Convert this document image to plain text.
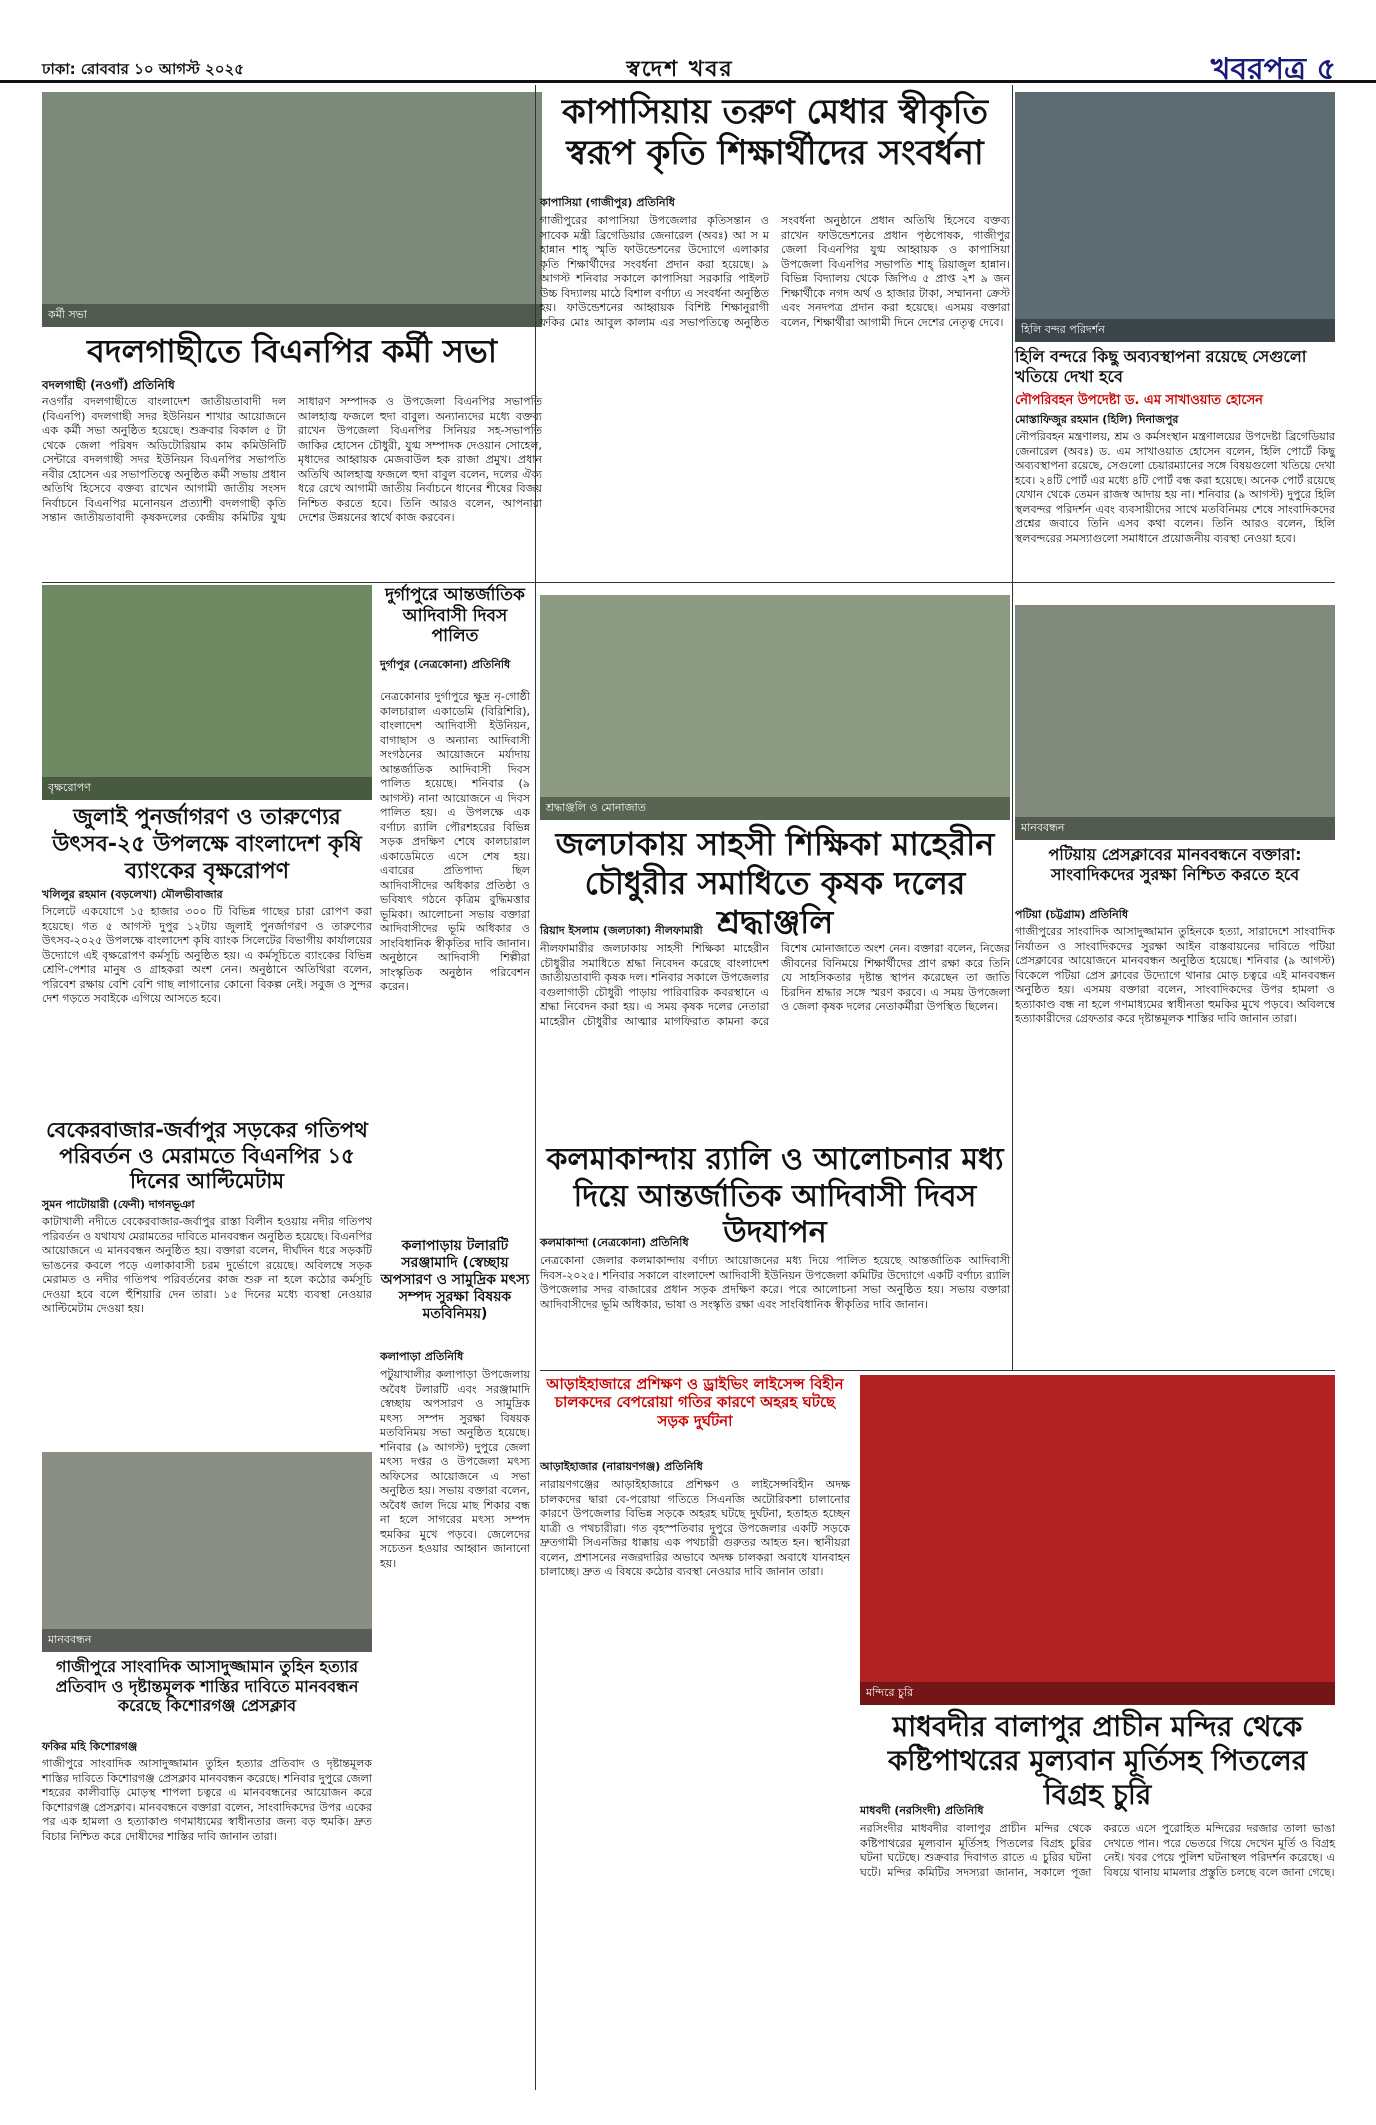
ঢাকা: রোববার ১০ আগস্ট ২০২৫	স্বদেশ খবর	খবরপত্র ৫
কর্মী সভা
বদলগাছীতে বিএনপির কর্মী সভা
বদলগাছী (নওগাঁ) প্রতিনিধি
নওগাঁর বদলগাছীতে বাংলাদেশ জাতীয়তাবাদী দল (বিএনপি) বদলগাছী সদর ইউনিয়ন শাখার আয়োজনে এক কর্মী সভা অনুষ্ঠিত হয়েছে। শুক্রবার বিকাল ৫ টা থেকে জেলা পরিষদ অডিটোরিয়াম কাম কমিউনিটি সেন্টারে বদলগাছী সদর ইউনিয়ন বিএনপির সভাপতি নবীর হোসেন এর সভাপতিত্বে অনুষ্ঠিত কর্মী সভায় প্রধান অতিথি হিসেবে বক্তব্য রাখেন আগামী জাতীয় সংসদ নির্বাচনে বিএনপির মনোনয়ন প্রত্যাশী বদলগাছী কৃতি সন্তান জাতীয়তাবাদী কৃষকদলের কেন্দ্রীয় কমিটির যুগ্ম সাধারণ সম্পাদক ও উপজেলা বিএনপির সভাপতি আলহাজ্ব ফজলে হুদা বাবুল। অন্যান্যদের মধ্যে বক্তব্য রাখেন উপজেলা বিএনপির সিনিয়র সহ-সভাপতি জাকির হোসেন চৌধুরী, যুগ্ম সম্পাদক দেওয়ান সোহেল, মৃধাদের আহ্বায়ক মেজবাউল হক রাজা প্রমুখ। প্রধান অতিথি আলহাজ্ব ফজলে হুদা বাবুল বলেন, দলের ঐক্য ধরে রেখে আগামী জাতীয় নির্বাচনে ধানের শীষের বিজয় নিশ্চিত করতে হবে। তিনি আরও বলেন, আপনারা দেশের উন্নয়নের স্বার্থে কাজ করবেন।
বৃক্ষরোপণ
জুলাই পুনর্জাগরণ ও তারুণ্যের উৎসব-২৫ উপলক্ষে বাংলাদেশ কৃষি ব্যাংকের বৃক্ষরোপণ
খলিলুর রহমান (বড়লেখা) মৌলভীবাজার
সিলেটে একযোগে ১৫ হাজার ৩০০ টি বিভিন্ন গাছের চারা রোপণ করা হয়েছে। গত ৫ আগস্ট দুপুর ১২টায় জুলাই পুনর্জাগরণ ও তারুণ্যের উৎসব-২০২৫ উপলক্ষে বাংলাদেশ কৃষি ব্যাংক সিলেটের বিভাগীয় কার্যালয়ের উদ্যোগে এই বৃক্ষরোপণ কর্মসূচি অনুষ্ঠিত হয়। এ কর্মসূচিতে ব্যাংকের বিভিন্ন শ্রেণি-পেশার মানুষ ও গ্রাহকরা অংশ নেন। অনুষ্ঠানে অতিথিরা বলেন, পরিবেশ রক্ষায় বেশি বেশি গাছ লাগানোর কোনো বিকল্প নেই। সবুজ ও সুন্দর দেশ গড়তে সবাইকে এগিয়ে আসতে হবে।
বেকেরবাজার-জর্বাপুর সড়কের গতিপথ পরিবর্তন ও মেরামতে বিএনপির ১৫ দিনের আল্টিমেটাম
সুমন পাটোয়ারী (ফেনী) দাগনভূঞা
কাটাখালী নদীতে বেকেরবাজার-জর্বাপুর রাস্তা বিলীন হওয়ায় নদীর গতিপথ পরিবর্তন ও যথাযথ মেরামতের দাবিতে মানববন্ধন অনুষ্ঠিত হয়েছে। বিএনপির আয়োজনে এ মানববন্ধন অনুষ্ঠিত হয়। বক্তারা বলেন, দীর্ঘদিন ধরে সড়কটি ভাঙনের কবলে পড়ে এলাকাবাসী চরম দুর্ভোগে রয়েছে। অবিলম্বে সড়ক মেরামত ও নদীর গতিপথ পরিবর্তনের কাজ শুরু না হলে কঠোর কর্মসূচি দেওয়া হবে বলে হুঁশিয়ারি দেন তারা। ১৫ দিনের মধ্যে ব্যবস্থা নেওয়ার আল্টিমেটাম দেওয়া হয়।
মানববন্ধন
গাজীপুরে সাংবাদিক আসাদুজ্জামান তুহিন হত্যার প্রতিবাদ ও দৃষ্টান্তমূলক শাস্তির দাবিতে মানববন্ধন করেছে কিশোরগঞ্জ প্রেসক্লাব
ফকির মহি কিশোরগঞ্জ
গাজীপুরে সাংবাদিক আসাদুজ্জামান তুহিন হত্যার প্রতিবাদ ও দৃষ্টান্তমূলক শাস্তির দাবিতে কিশোরগঞ্জ প্রেসক্লাব মানববন্ধন করেছে। শনিবার দুপুরে জেলা শহরের কালীবাড়ি মোড়স্থ শাপলা চত্বরে এ মানববন্ধনের আয়োজন করে কিশোরগঞ্জ প্রেসক্লাব। মানববন্ধনে বক্তারা বলেন, সাংবাদিকদের উপর একের পর এক হামলা ও হত্যাকাণ্ড গণমাধ্যমের স্বাধীনতার জন্য বড় হুমকি। দ্রুত বিচার নিশ্চিত করে দোষীদের শাস্তির দাবি জানান তারা।
দুর্গাপুরে আন্তর্জাতিক আদিবাসী দিবস পালিত
দুর্গাপুর (নেত্রকোনা) প্রতিনিধি
নেত্রকোনার দুর্গাপুরে ক্ষুদ্র নৃ-গোষ্ঠী কালচারাল একাডেমি (বিরিশিরি), বাংলাদেশ আদিবাসী ইউনিয়ন, বাগাছাস ও অন্যান্য আদিবাসী সংগঠনের আয়োজনে মর্যাদায় আন্তর্জাতিক আদিবাসী দিবস পালিত হয়েছে। শনিবার (৯ আগস্ট) নানা আয়োজনে এ দিবস পালিত হয়। এ উপলক্ষে এক বর্ণাঢ্য র‍্যালি পৌরশহরের বিভিন্ন সড়ক প্রদক্ষিণ শেষে কালচারাল একাডেমিতে এসে শেষ হয়। এবারের প্রতিপাদ্য ছিল আদিবাসীদের অধিকার প্রতিষ্ঠা ও ভবিষ্যৎ গঠনে কৃত্রিম বুদ্ধিমত্তার ভূমিকা। আলোচনা সভায় বক্তারা আদিবাসীদের ভূমি অধিকার ও সাংবিধানিক স্বীকৃতির দাবি জানান। অনুষ্ঠানে আদিবাসী শিল্পীরা সাংস্কৃতিক অনুষ্ঠান পরিবেশন করেন।
কলাপাড়ায় টলারটি সরঞ্জামাদি (স্বেচ্ছায় অপসারণ ও সামুদ্রিক মৎস্য সম্পদ সুরক্ষা বিষয়ক মতবিনিময়)
কলাপাড়া প্রতিনিধি
পটুয়াখালীর কলাপাড়া উপজেলায় অবৈধ টলারটি এবং সরঞ্জামাদি স্বেচ্ছায় অপসারণ ও সামুদ্রিক মৎস্য সম্পদ সুরক্ষা বিষয়ক মতবিনিময় সভা অনুষ্ঠিত হয়েছে। শনিবার (৯ আগস্ট) দুপুরে জেলা মৎস্য দপ্তর ও উপজেলা মৎস্য অফিসের আয়োজনে এ সভা অনুষ্ঠিত হয়। সভায় বক্তারা বলেন, অবৈধ জাল দিয়ে মাছ শিকার বন্ধ না হলে সাগরের মৎস্য সম্পদ হুমকির মুখে পড়বে। জেলেদের সচেতন হওয়ার আহ্বান জানানো হয়।
কাপাসিয়ায় তরুণ মেধার স্বীকৃতি স্বরূপ কৃতি শিক্ষার্থীদের সংবর্ধনা
কাপাসিয়া (গাজীপুর) প্রতিনিধি
গাজীপুরের কাপাসিয়া উপজেলার কৃতিসন্তান ও সাবেক মন্ত্রী ব্রিগেডিয়ার জেনারেল (অবঃ) আ স ম হান্নান শাহ্ স্মৃতি ফাউন্ডেশনের উদ্যোগে এলাকার কৃতি শিক্ষার্থীদের সংবর্ধনা প্রদান করা হয়েছে। ৯ আগস্ট শনিবার সকালে কাপাসিয়া সরকারি পাইলট উচ্চ বিদ্যালয় মাঠে বিশাল বর্ণাঢ্য এ সংবর্ধনা অনুষ্ঠিত হয়। ফাউন্ডেশনের আহ্বায়ক বিশিষ্ট শিক্ষানুরাগী ফকির মোঃ আবুল কালাম এর সভাপতিত্বে অনুষ্ঠিত সংবর্ধনা অনুষ্ঠানে প্রধান অতিথি হিসেবে বক্তব্য রাখেন ফাউন্ডেশনের প্রধান পৃষ্ঠপোষক, গাজীপুর জেলা বিএনপির যুগ্ম আহ্বায়ক ও কাপাসিয়া উপজেলা বিএনপির সভাপতি শাহ্ রিয়াজুল হান্নান। বিভিন্ন বিদ্যালয় থেকে জিপিএ ৫ প্রাপ্ত ২শ ৯ জন শিক্ষার্থীকে নগদ অর্থ ও হাজার টাকা, সম্মাননা ক্রেস্ট এবং সনদপত্র প্রদান করা হয়েছে। এসময় বক্তারা বলেন, শিক্ষার্থীরা আগামী দিনে দেশের নেতৃত্ব দেবে।
শ্রদ্ধাঞ্জলি ও মোনাজাত
জলঢাকায় সাহসী শিক্ষিকা মাহেরীন চৌধুরীর সমাধিতে কৃষক দলের শ্রদ্ধাঞ্জলি
রিয়াদ ইসলাম (জলঢাকা) নীলফামারী
নীলফামারীর জলঢাকায় সাহসী শিক্ষিকা মাহেরীন চৌধুরীর সমাধিতে শ্রদ্ধা নিবেদন করেছে বাংলাদেশ জাতীয়তাবাদী কৃষক দল। শনিবার সকালে উপজেলার বগুলাগাড়ী চৌধুরী পাড়ায় পারিবারিক কবরস্থানে এ শ্রদ্ধা নিবেদন করা হয়। এ সময় কৃষক দলের নেতারা মাহেরীন চৌধুরীর আত্মার মাগফিরাত কামনা করে বিশেষ মোনাজাতে অংশ নেন। বক্তারা বলেন, নিজের জীবনের বিনিময়ে শিক্ষার্থীদের প্রাণ রক্ষা করে তিনি যে সাহসিকতার দৃষ্টান্ত স্থাপন করেছেন তা জাতি চিরদিন শ্রদ্ধার সঙ্গে স্মরণ করবে। এ সময় উপজেলা ও জেলা কৃষক দলের নেতাকর্মীরা উপস্থিত ছিলেন।
কলমাকান্দায় র‍্যালি ও আলোচনার মধ্য দিয়ে আন্তর্জাতিক আদিবাসী দিবস উদযাপন
কলমাকান্দা (নেত্রকোনা) প্রতিনিধি
নেত্রকোনা জেলার কলমাকান্দায় বর্ণাঢ্য আয়োজনের মধ্য দিয়ে পালিত হয়েছে আন্তর্জাতিক আদিবাসী দিবস-২০২৫। শনিবার সকালে বাংলাদেশ আদিবাসী ইউনিয়ন উপজেলা কমিটির উদ্যোগে একটি বর্ণাঢ্য র‍্যালি উপজেলার সদর বাজারের প্রধান সড়ক প্রদক্ষিণ করে। পরে আলোচনা সভা অনুষ্ঠিত হয়। সভায় বক্তারা আদিবাসীদের ভূমি অধিকার, ভাষা ও সংস্কৃতি রক্ষা এবং সাংবিধানিক স্বীকৃতির দাবি জানান।
আড়াইহাজারে প্রশিক্ষণ ও ড্রাইভিং লাইসেন্স বিহীন চালকদের বেপরোয়া গতির কারণে অহরহ ঘটছে সড়ক দুর্ঘটনা
আড়াইহাজার (নারায়ণগঞ্জ) প্রতিনিধি
নারায়ণগঞ্জের আড়াইহাজারে প্রশিক্ষণ ও লাইসেন্সবিহীন অদক্ষ চালকদের দ্বারা বে-পরোয়া গতিতে সিএনজি অটোরিকশা চালানোর কারণে উপজেলার বিভিন্ন সড়কে অহরহ ঘটছে দুর্ঘটনা, হতাহত হচ্ছেন যাত্রী ও পথচারীরা। গত বৃহস্পতিবার দুপুরে উপজেলার একটি সড়কে দ্রুতগামী সিএনজির ধাক্কায় এক পথচারী গুরুতর আহত হন। স্থানীয়রা বলেন, প্রশাসনের নজরদারির অভাবে অদক্ষ চালকরা অবাধে যানবাহন চালাচ্ছে। দ্রুত এ বিষয়ে কঠোর ব্যবস্থা নেওয়ার দাবি জানান তারা।
হিলি বন্দর পরিদর্শন
হিলি বন্দরে কিছু অব্যবস্থাপনা রয়েছে সেগুলো খতিয়ে দেখা হবে
নৌপরিবহন উপদেষ্টা ড. এম সাখাওয়াত হোসেন
মোস্তাফিজুর রহমান (হিলি) দিনাজপুর
নৌপরিবহন মন্ত্রণালয়, শ্রম ও কর্মসংস্থান মন্ত্রণালয়ের উপদেষ্টা ব্রিগেডিয়ার জেনারেল (অবঃ) ড. এম সাখাওয়াত হোসেন বলেন, হিলি পোর্টে কিছু অব্যবস্থাপনা রয়েছে, সেগুলো চেয়ারম্যানের সঙ্গে বিষয়গুলো খতিয়ে দেখা হবে। ২৪টি পোর্ট এর মধ্যে ৪টি পোর্ট বন্ধ করা হয়েছে। অনেক পোর্ট রয়েছে যেখান থেকে তেমন রাজস্ব আদায় হয় না। শনিবার (৯ আগস্ট) দুপুরে হিলি স্থলবন্দর পরিদর্শন এবং ব্যবসায়ীদের সাথে মতবিনিময় শেষে সাংবাদিকদের প্রশ্নের জবাবে তিনি এসব কথা বলেন। তিনি আরও বলেন, হিলি স্থলবন্দরের সমস্যাগুলো সমাধানে প্রয়োজনীয় ব্যবস্থা নেওয়া হবে।
মানববন্ধন
পটিয়ায় প্রেসক্লাবের মানববন্ধনে বক্তারা: সাংবাদিকদের সুরক্ষা নিশ্চিত করতে হবে
পটিয়া (চট্টগ্রাম) প্রতিনিধি
গাজীপুরের সাংবাদিক আসাদুজ্জামান তুহিনকে হত্যা, সারাদেশে সাংবাদিক নির্যাতন ও সাংবাদিকদের সুরক্ষা আইন বাস্তবায়নের দাবিতে পটিয়া প্রেসক্লাবের আয়োজনে মানববন্ধন অনুষ্ঠিত হয়েছে। শনিবার (৯ আগস্ট) বিকেলে পটিয়া প্রেস ক্লাবের উদ্যোগে থানার মোড় চত্বরে এই মানববন্ধন অনুষ্ঠিত হয়। এসময় বক্তারা বলেন, সাংবাদিকদের উপর হামলা ও হত্যাকাণ্ড বন্ধ না হলে গণমাধ্যমের স্বাধীনতা হুমকির মুখে পড়বে। অবিলম্বে হত্যাকারীদের গ্রেফতার করে দৃষ্টান্তমূলক শাস্তির দাবি জানান তারা।
মন্দিরে চুরি
মাধবদীর বালাপুর প্রাচীন মন্দির থেকে কষ্টিপাথরের মূল্যবান মূর্তিসহ পিতলের বিগ্রহ চুরি
মাধবদী (নরসিংদী) প্রতিনিধি
নরসিংদীর মাধবদীর বালাপুর প্রাচীন মন্দির থেকে কষ্টিপাথরের মূল্যবান মূর্তিসহ পিতলের বিগ্রহ চুরির ঘটনা ঘটেছে। শুক্রবার দিবাগত রাতে এ চুরির ঘটনা ঘটে। মন্দির কমিটির সদস্যরা জানান, সকালে পূজা করতে এসে পুরোহিত মন্দিরের দরজার তালা ভাঙা দেখতে পান। পরে ভেতরে গিয়ে দেখেন মূর্তি ও বিগ্রহ নেই। খবর পেয়ে পুলিশ ঘটনাস্থল পরিদর্শন করেছে। এ বিষয়ে থানায় মামলার প্রস্তুতি চলছে বলে জানা গেছে।
